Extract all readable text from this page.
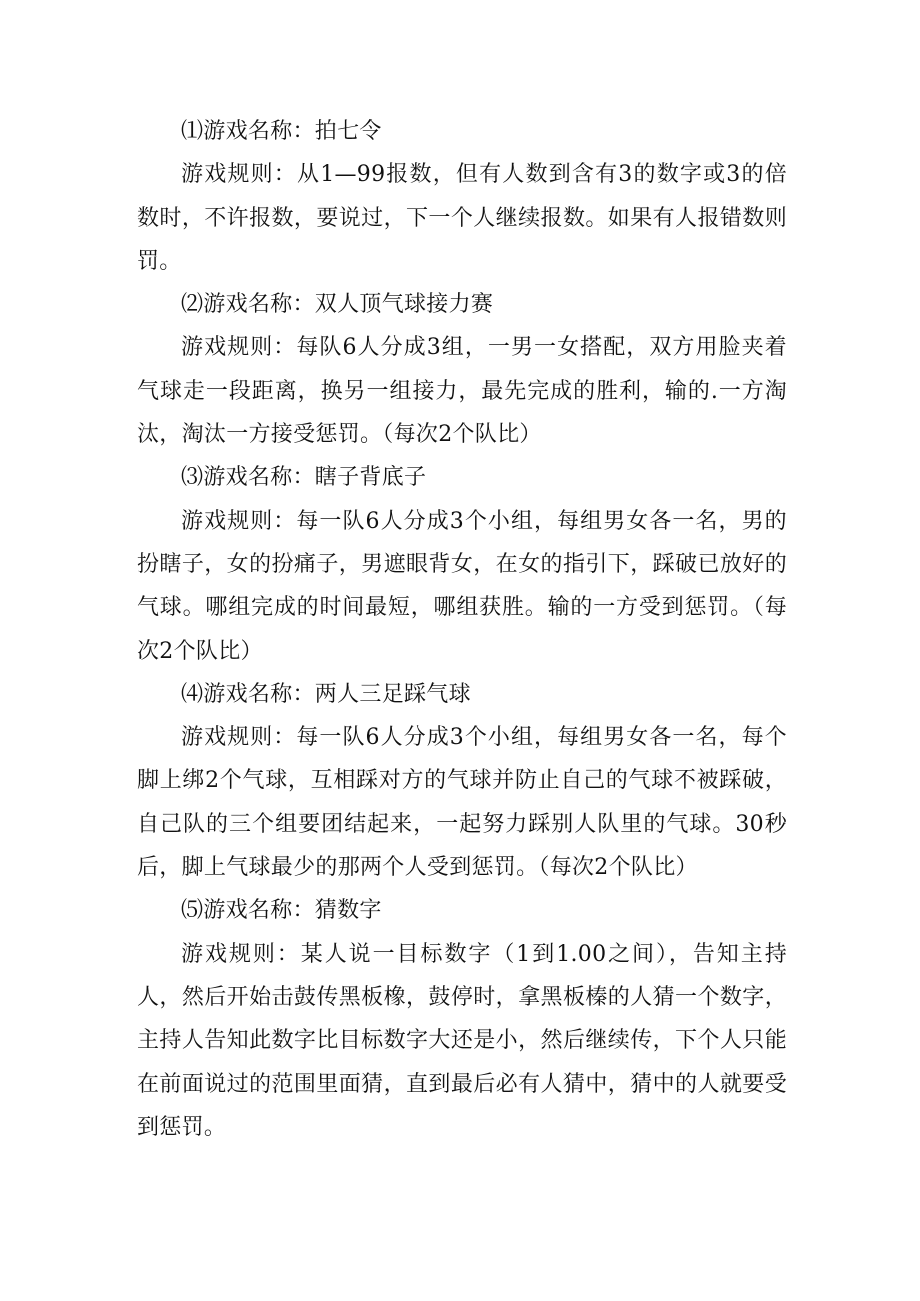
⑴游戏名称：拍七令

游戏规则：从1—99报数，但有人数到含有3的数字或3的倍数时，不许报数，要说过，下一个人继续报数。如果有人报错数则罚。

⑵游戏名称：双人顶气球接力赛

游戏规则：每队6人分成3组，一男一女搭配，双方用脸夹着气球走一段距离，换另一组接力，最先完成的胜利，输的.一方淘汰，淘汰一方接受惩罚。（每次2个队比）

⑶游戏名称：瞎子背底子

游戏规则：每一队6人分成3个小组，每组男女各一名，男的扮瞎子，女的扮痛子，男遮眼背女，在女的指引下，踩破已放好的气球。哪组完成的时间最短，哪组获胜。输的一方受到惩罚。（每次2个队比）

⑷游戏名称：两人三足踩气球

游戏规则：每一队6人分成3个小组，每组男女各一名，每个脚上绑2个气球，互相踩对方的气球并防止自己的气球不被踩破，自己队的三个组要团结起来，一起努力踩别人队里的气球。30秒后，脚上气球最少的那两个人受到惩罚。（每次2个队比）

⑸游戏名称：猜数字

游戏规则：某人说一目标数字（1到1.00之间），告知主持人，然后开始击鼓传黑板橡，鼓停时，拿黑板榛的人猜一个数字，主持人告知此数字比目标数字大还是小，然后继续传，下个人只能在前面说过的范围里面猜，直到最后必有人猜中，猜中的人就要受到惩罚。
